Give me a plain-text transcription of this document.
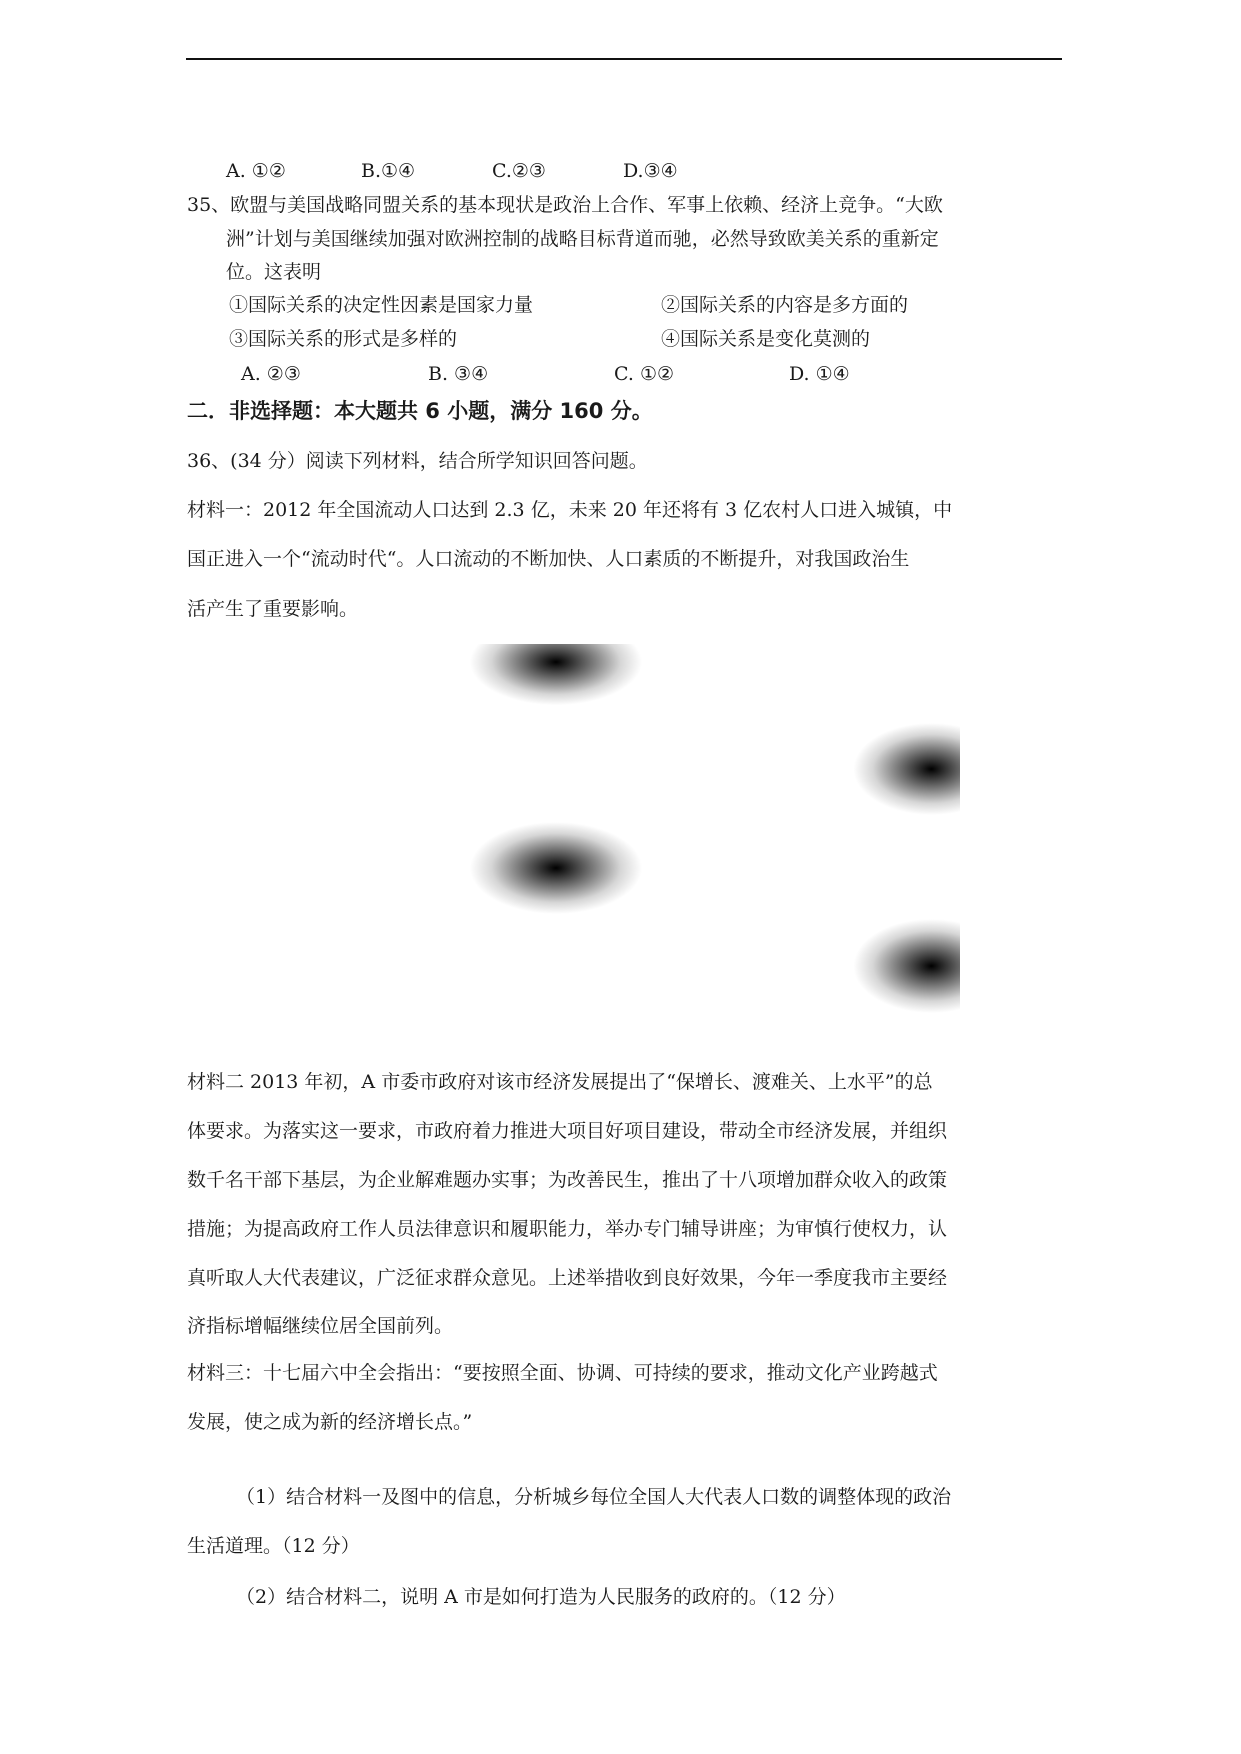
A. ①②	B.①④	C.②③	D.③④
35、欧盟与美国战略同盟关系的基本现状是政治上合作、军事上依赖、经济上竞争。“大欧
洲”计划与美国继续加强对欧洲控制的战略目标背道而驰，必然导致欧美关系的重新定
位。这表明
①国际关系的决定性因素是国家力量	②国际关系的内容是多方面的
③国际关系的形式是多样的	④国际关系是变化莫测的
A. ②③	B. ③④	C. ①②	D. ①④
二．非选择题：本大题共 6 小题，满分 160 分。
36、(34 分）阅读下列材料，结合所学知识回答问题。
材料一：2012 年全国流动人口达到 2.3 亿，未来 20 年还将有 3 亿农村人口进入城镇，中
国正进入一个“流动时代“。人口流动的不断加快、人口素质的不断提升，对我国政治生
活产生了重要影响。
材料二 2013 年初，A 市委市政府对该市经济发展提出了“保增长、渡难关、上水平”的总
体要求。为落实这一要求，市政府着力推进大项目好项目建设，带动全市经济发展，并组织
数千名干部下基层，为企业解难题办实事；为改善民生，推出了十八项增加群众收入的政策
措施；为提高政府工作人员法律意识和履职能力，举办专门辅导讲座；为审慎行使权力，认
真听取人大代表建议，广泛征求群众意见。上述举措收到良好效果，今年一季度我市主要经
济指标增幅继续位居全国前列。
材料三：十七届六中全会指出：“要按照全面、协调、可持续的要求，推动文化产业跨越式
发展，使之成为新的经济增长点。”
（1）结合材料一及图中的信息，分析城乡每位全国人大代表人口数的调整体现的政治
生活道理。（12 分）
（2）结合材料二，说明 A 市是如何打造为人民服务的政府的。（12 分）
